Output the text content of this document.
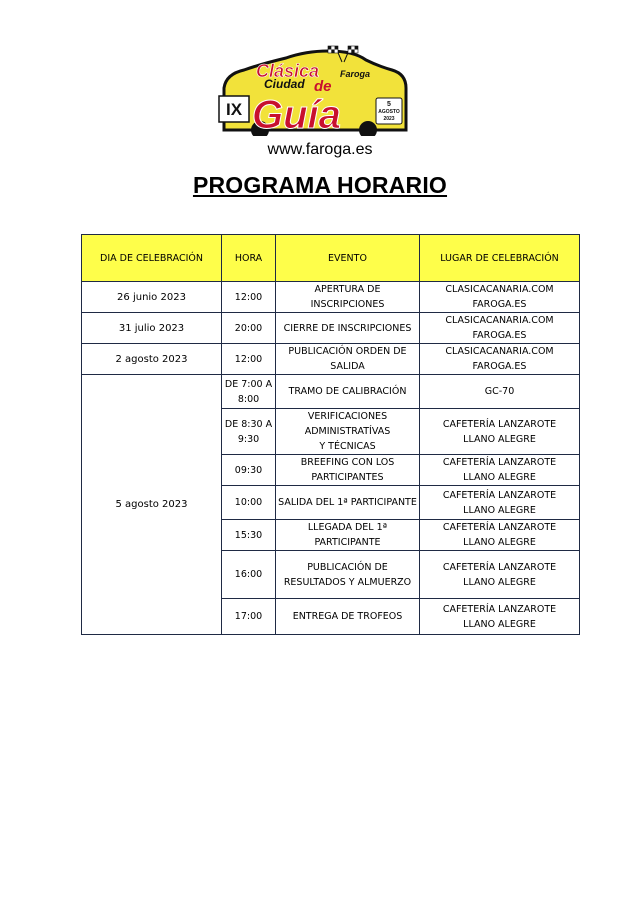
IX	5
AGOSTO
2023
Clásica Faroga
Ciudad de
Guía
www.faroga.es
PROGRAMA HORARIO
DIA DE CELEBRACIÓN	HORA	EVENTO	LUGAR DE CELEBRACIÓN
26 junio 2023	12:00	APERTURA DE
INSCRIPCIONES	CLASICACANARIA.COM
FAROGA.ES

31 julio 2023	20:00	CIERRE DE INSCRIPCIONES	CLASICACANARIA.COM
FAROGA.ES

2 agosto 2023	12:00	PUBLICACIÓN ORDEN DE
SALIDA	CLASICACANARIA.COM
FAROGA.ES

5 agosto 2023	DE 7:00 A
8:00	TRAMO DE CALIBRACIÓN	GC-70

	DE 8:30 A
9:30	VERIFICACIONES
ADMINISTRATÍVAS
Y TÉCNICAS	CAFETERÍA LANZAROTE
LLANO ALEGRE

	09:30	BREEFING CON LOS
PARTICIPANTES	CAFETERÍA LANZAROTE
LLANO ALEGRE

	10:00	SALIDA DEL 1ª PARTICIPANTE	CAFETERÍA LANZAROTE
LLANO ALEGRE

	15:30	LLEGADA DEL 1ª
PARTICIPANTE	CAFETERÍA LANZAROTE
LLANO ALEGRE

	16:00	PUBLICACIÓN DE
RESULTADOS Y ALMUERZO	CAFETERÍA LANZAROTE
LLANO ALEGRE

	17:00	ENTREGA DE TROFEOS	CAFETERÍA LANZAROTE
LLANO ALEGRE
